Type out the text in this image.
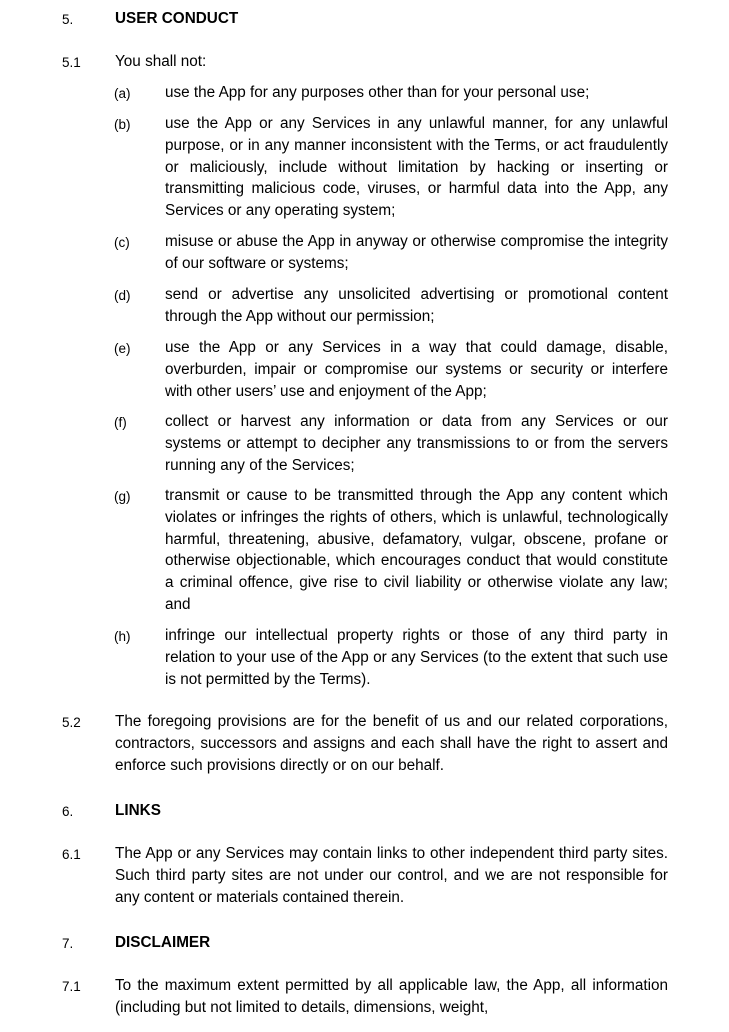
5.	USER CONDUCT
5.1 You shall not:
(a) use the App for any purposes other than for your personal use;
(b) use the App or any Services in any unlawful manner, for any unlawful purpose, or in any manner inconsistent with the Terms, or act fraudulently or maliciously, include without limitation by hacking or inserting or transmitting malicious code, viruses, or harmful data into the App, any Services or any operating system;
(c) misuse or abuse the App in anyway or otherwise compromise the integrity of our software or systems;
(d) send or advertise any unsolicited advertising or promotional content through the App without our permission;
(e) use the App or any Services in a way that could damage, disable, overburden, impair or compromise our systems or security or interfere with other users’ use and enjoyment of the App;
(f)	collect or harvest any information or data from any Services or our systems or attempt to decipher any transmissions to or from the servers running any of the Services;
(g) transmit or cause to be transmitted through the App any content which violates or infringes the rights of others, which is unlawful, technologically harmful, threatening, abusive, defamatory, vulgar, obscene, profane or otherwise objectionable, which encourages conduct that would constitute a criminal offence, give rise to civil liability or otherwise violate any law; and
(h) infringe our intellectual property rights or those of any third party in relation to your use of the App or any Services (to the extent that such use is not permitted by the Terms).
5.2 The foregoing provisions are for the benefit of us and our related corporations, contractors, successors and assigns and each shall have the right to assert and enforce such provisions directly or on our behalf.
6.	LINKS
6.1 The App or any Services may contain links to other independent third party sites. Such third party sites are not under our control, and we are not responsible for any content or materials contained therein.
7.	DISCLAIMER
7.1 To the maximum extent permitted by all applicable law, the App, all information (including but not limited to details, dimensions, weight,
